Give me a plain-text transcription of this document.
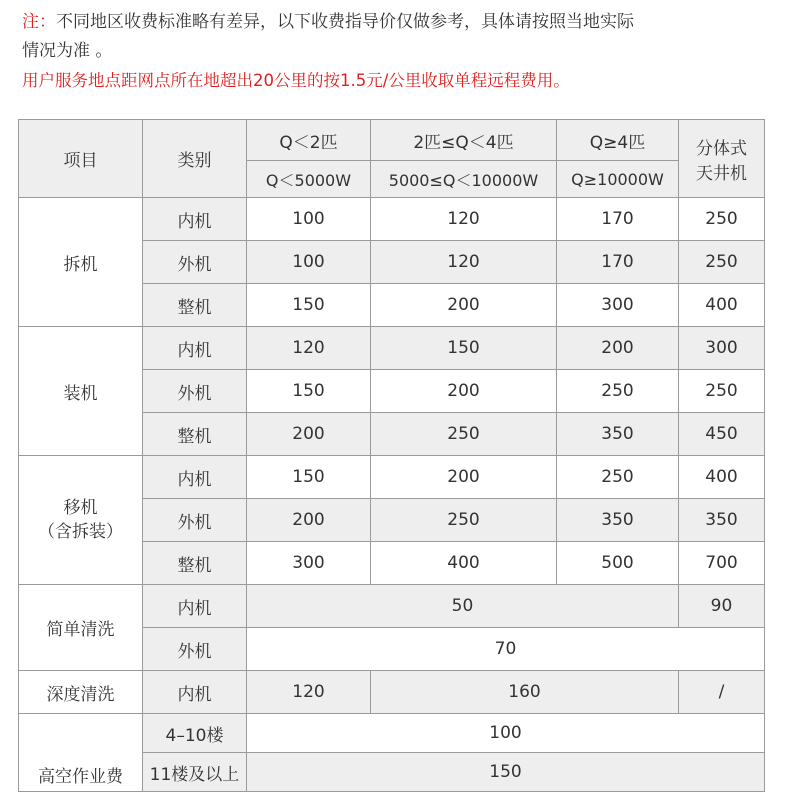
注：不同地区收费标准略有差异，以下收费指导价仅做参考，具体请按照当地实际
情况为准 。
用户服务地点距网点所在地超出20公里的按1.5元/公里收取单程远程费用。
项目	类别	Q＜2匹	2匹≤Q＜4匹	Q≥4匹	分体式
天井机

		Q＜5000W	5000≤Q＜10000W	Q≥10000W	
拆机	内机	100	120	170	250
	外机	100	120	170	250
	整机	150	200	300	400
装机	内机	120	150	200	300
	外机	150	200	250	250
	整机	200	250	350	450

移机
（含拆装）	内机	150	200	250	400
	外机	200	250	350	350
	整机	300	400	500	700
简单清洗	内机	50			90
	外机	70			
深度清洗	内机	120	160		/
高空作业费	4–10楼	100			
	11楼及以上	150			
